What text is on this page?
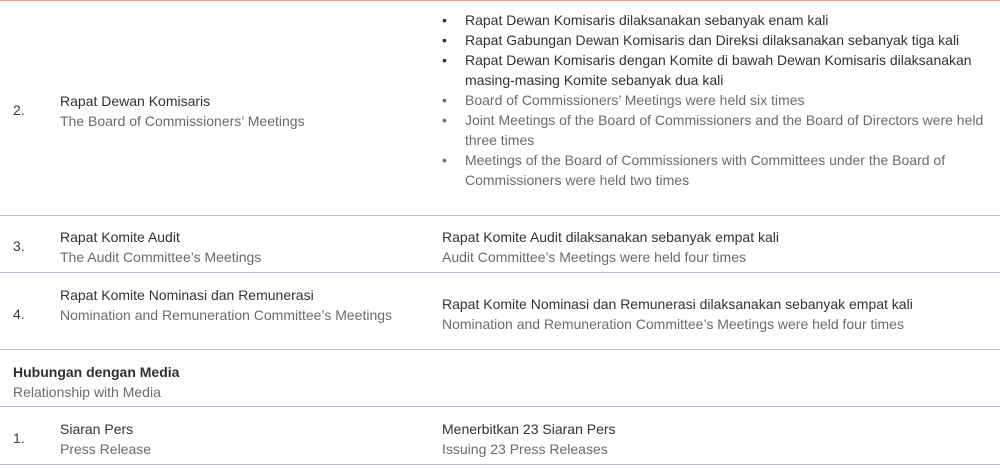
2.
Rapat Dewan Komisaris
The Board of Commissioners’ Meetings
• Rapat Dewan Komisaris dilaksanakan sebanyak enam kali
• Rapat Gabungan Dewan Komisaris dan Direksi dilaksanakan sebanyak tiga kali
• Rapat Dewan Komisaris dengan Komite di bawah Dewan Komisaris dilaksanakan masing-masing Komite sebanyak dua kali
• Board of Commissioners’ Meetings were held six times
• Joint Meetings of the Board of Commissioners and the Board of Directors were held three times
• Meetings of the Board of Commissioners with Committees under the Board of Commissioners were held two times
3.
Rapat Komite Audit
The Audit Committee’s Meetings
Rapat Komite Audit dilaksanakan sebanyak empat kali
Audit Committee’s Meetings were held four times
4.
Rapat Komite Nominasi dan Remunerasi
Nomination and Remuneration Committee’s Meetings
Rapat Komite Nominasi dan Remunerasi dilaksanakan sebanyak empat kali
Nomination and Remuneration Committee’s Meetings were held four times
Hubungan dengan Media
Relationship with Media
1.
Siaran Pers
Press Release
Menerbitkan 23 Siaran Pers
Issuing 23 Press Releases
